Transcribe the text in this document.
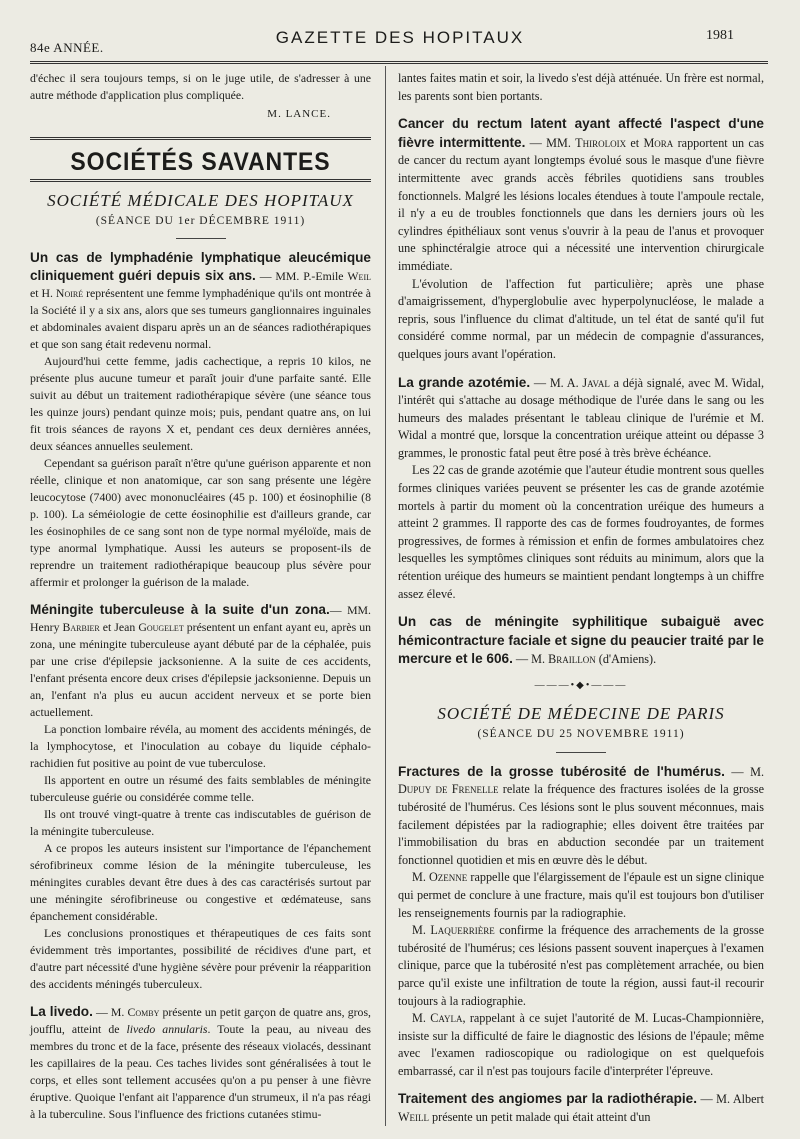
84e ANNÉE.
GAZETTE DES HOPITAUX	1981

d'échec il sera toujours temps, si on le juge utile, de s'adresser à une autre méthode d'application plus compliquée.

M. LANCE.

SOCIÉTÉS SAVANTES
SOCIÉTÉ MÉDICALE DES HOPITAUX
(SÉANCE DU 1er DÉCEMBRE 1911)

Un cas de lymphadénie lymphatique aleucémique cliniquement guéri depuis six ans. — MM. P.-Emile Weil et H. Noiré représentent une femme lymphadénique qu'ils ont montrée à la Société il y a six ans, alors que ses tumeurs ganglionnaires inguinales et abdominales avaient disparu après un an de séances radiothérapiques et que son sang était redevenu normal.

Aujourd'hui cette femme, jadis cachectique, a repris 10 kilos, ne présente plus aucune tumeur et paraît jouir d'une parfaite santé. Elle suivit au début un traitement radiothérapique sévère (une séance tous les quinze jours) pendant quinze mois; puis, pendant quatre ans, on lui fit trois séances de rayons X et, pendant ces deux dernières années, deux séances annuelles seulement.

Cependant sa guérison paraît n'être qu'une guérison apparente et non réelle, clinique et non anatomique, car son sang présente une légère leucocytose (7400) avec mononucléaires (45 p. 100) et éosinophilie (8 p. 100). La séméiologie de cette éosinophilie est d'ailleurs grande, car les éosinophiles de ce sang sont non de type normal myéloïde, mais de type anormal lymphatique. Aussi les auteurs se proposent-ils de reprendre un traitement radiothérapique beaucoup plus sévère pour affermir et prolonger la guérison de la malade.

Méningite tuberculeuse à la suite d'un zona.— MM. Henry Barbier et Jean Gougelet présentent un enfant ayant eu, après un zona, une méningite tuberculeuse ayant débuté par de la céphalée, puis par une crise d'épilepsie jacksonienne. A la suite de ces accidents, l'enfant présenta encore deux crises d'épilepsie jacksonienne. Depuis un an, l'enfant n'a plus eu aucun accident nerveux et se porte bien actuellement.

La ponction lombaire révéla, au moment des accidents méningés, de la lymphocytose, et l'inoculation au cobaye du liquide céphalo-rachidien fut positive au point de vue tuberculose.

Ils apportent en outre un résumé des faits semblables de méningite tuberculeuse guérie ou considérée comme telle.

Ils ont trouvé vingt-quatre à trente cas indiscutables de guérison de la méningite tuberculeuse.

A ce propos les auteurs insistent sur l'importance de l'épanchement sérofibrineux comme lésion de la méningite tuberculeuse, les méningites curables devant être dues à des cas caractérisés surtout par une méningite sérofibrineuse ou congestive et œdémateuse, sans épanchement considérable.

Les conclusions pronostiques et thérapeutiques de ces faits sont évidemment très importantes, possibilité de récidives d'une part, et d'autre part nécessité d'une hygiène sévère pour prévenir la réapparition des accidents méningés tuberculeux.

La livedo. — M. Comby présente un petit garçon de quatre ans, gros, joufflu, atteint de livedo annularis. Toute la peau, au niveau des membres du tronc et de la face, présente des réseaux violacés, dessinant les capillaires de la peau. Ces taches livides sont généralisées à tout le corps, et elles sont tellement accusées qu'on a pu penser à une fièvre éruptive. Quoique l'enfant ait l'apparence d'un strumeux, il n'a pas réagi à la tuberculine. Sous l'influence des frictions cutanées stimu-

lantes faites matin et soir, la livedo s'est déjà atténuée. Un frère est normal, les parents sont bien portants.

Cancer du rectum latent ayant affecté l'aspect d'une fièvre intermittente. — MM. Thiroloix et Mora rapportent un cas de cancer du rectum ayant longtemps évolué sous le masque d'une fièvre intermittente avec grands accès fébriles quotidiens sans troubles fonctionnels. Malgré les lésions locales étendues à toute l'ampoule rectale, il n'y a eu de troubles fonctionnels que dans les derniers jours où les cylindres épithéliaux sont venus s'ouvrir à la peau de l'anus et provoquer une sphinctéralgie atroce qui a nécessité une intervention chirurgicale immédiate.

L'évolution de l'affection fut particulière; après une phase d'amaigrissement, d'hyperglobulie avec hyperpolynucléose, le malade a repris, sous l'influence du climat d'altitude, un tel état de santé qu'il fut considéré comme normal, par un médecin de compagnie d'assurances, quelques jours avant l'opération.

La grande azotémie. — M. A. Javal a déjà signalé, avec M. Widal, l'intérêt qui s'attache au dosage méthodique de l'urée dans le sang ou les humeurs des malades présentant le tableau clinique de l'urémie et M. Widal a montré que, lorsque la concentration uréique atteint ou dépasse 3 grammes, le pronostic fatal peut être posé à très brève échéance.

Les 22 cas de grande azotémie que l'auteur étudie montrent sous quelles formes cliniques variées peuvent se présenter les cas de grande azotémie mortels à partir du moment où la concentration uréique des humeurs a atteint 2 grammes. Il rapporte des cas de formes foudroyantes, de formes progressives, de formes à rémission et enfin de formes ambulatoires chez lesquelles les symptômes cliniques sont réduits au minimum, alors que la rétention uréique des humeurs se maintient pendant longtemps à un chiffre assez élevé.

Un cas de méningite syphilitique subaiguë avec hémicontracture faciale et signe du peaucier traité par le mercure et le 606. — M. Braillon (d'Amiens).

———•◆•———
SOCIÉTÉ DE MÉDECINE DE PARIS
(SÉANCE DU 25 NOVEMBRE 1911)

Fractures de la grosse tubérosité de l'humérus. — M. Dupuy de Frenelle relate la fréquence des fractures isolées de la grosse tubérosité de l'humérus. Ces lésions sont le plus souvent méconnues, mais facilement dépistées par la radiographie; elles doivent être traitées par l'immobilisation du bras en abduction secondée par un traitement fonctionnel quotidien et mis en œuvre dès le début.

M. Ozenne rappelle que l'élargissement de l'épaule est un signe clinique qui permet de conclure à une fracture, mais qu'il est toujours bon d'utiliser les renseignements fournis par la radiographie.

M. Laquerrière confirme la fréquence des arrachements de la grosse tubérosité de l'humérus; ces lésions passent souvent inaperçues à l'examen clinique, parce que la tubérosité n'est pas complètement arrachée, ou bien parce qu'il existe une infiltration de toute la région, aussi faut-il recourir toujours à la radiographie.

M. Cayla, rappelant à ce sujet l'autorité de M. Lucas-Championnière, insiste sur la difficulté de faire le diagnostic des lésions de l'épaule; même avec l'examen radioscopique ou radiologique on est quelquefois embarrassé, car il n'est pas toujours facile d'interpréter l'épreuve.

Traitement des angiomes par la radiothérapie. — M. Albert Weill présente un petit malade qui était atteint d'un
